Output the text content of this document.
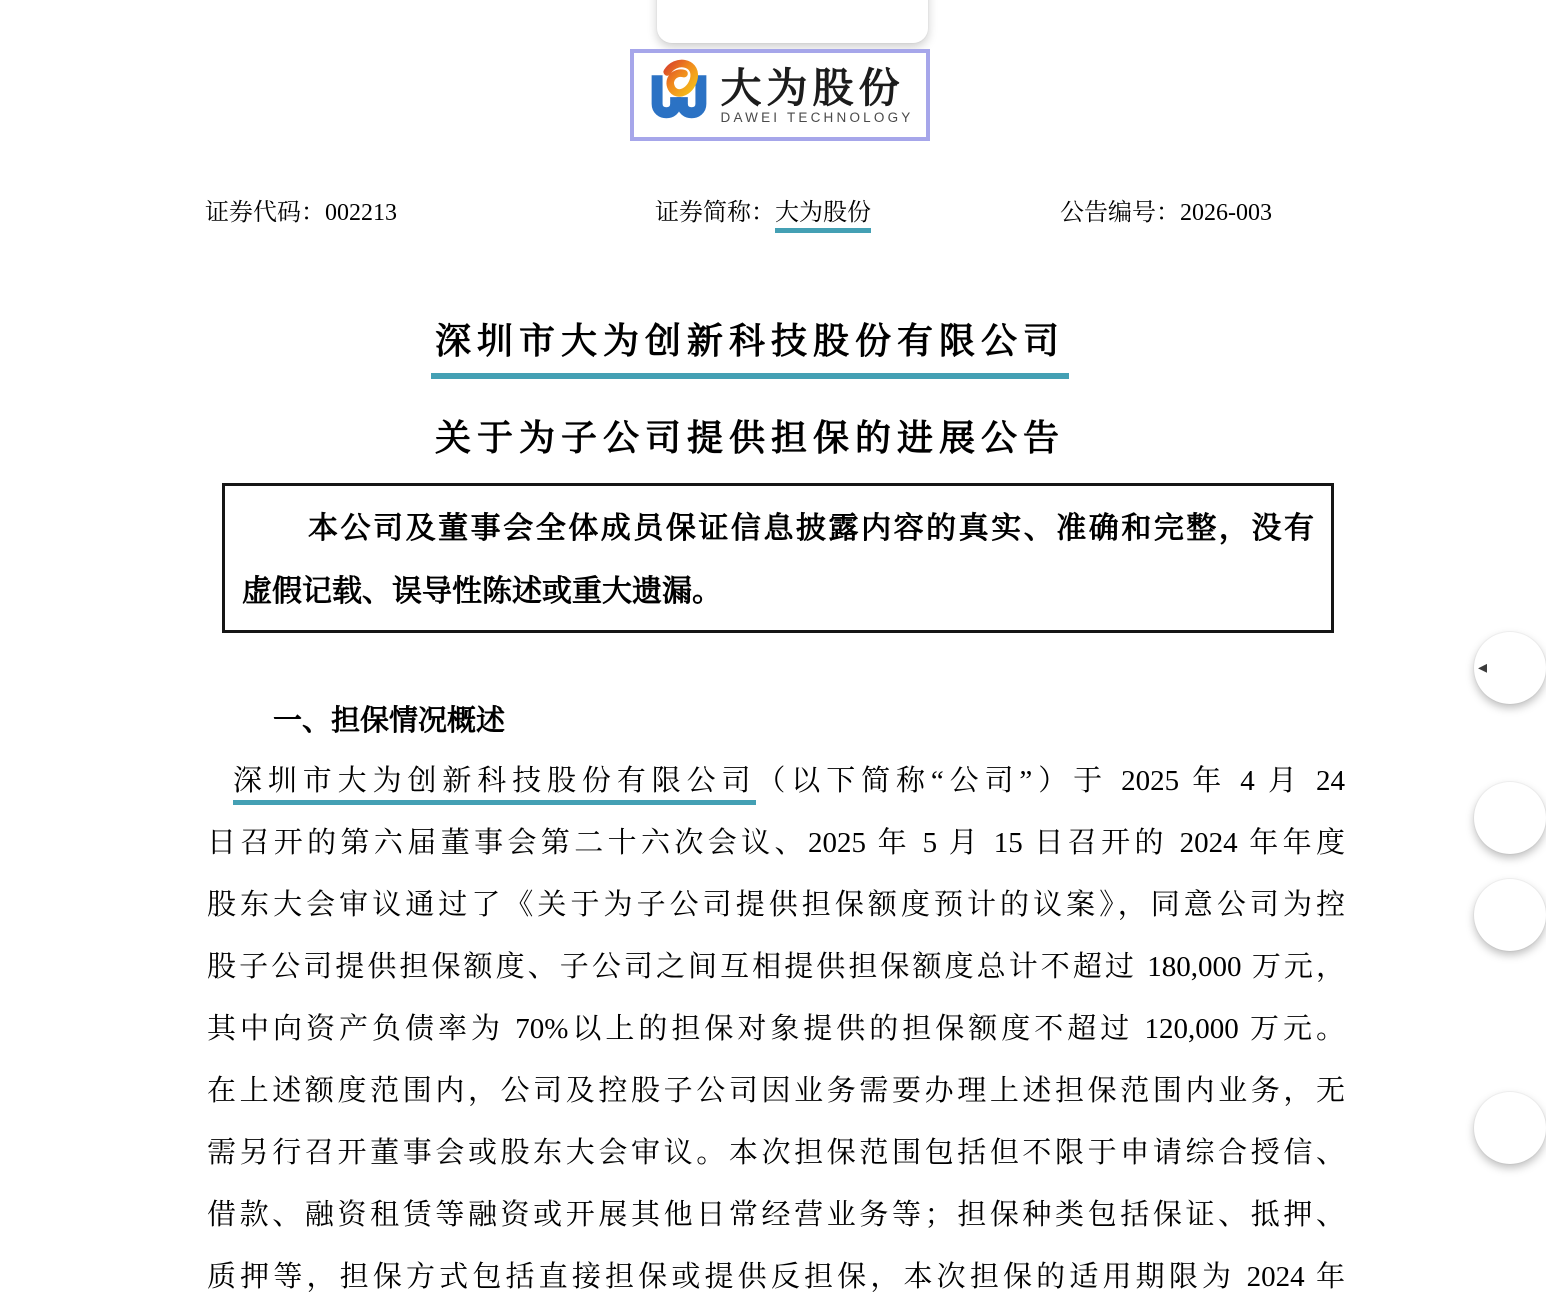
大为股份
DAWEI TECHNOLOGY
证券代码：002213	证券简称：大为股份	公告编号：2026-003
深圳市大为创新科技股份有限公司
关于为子公司提供担保的进展公告
本公司及董事会全体成员保证信息披露内容的真实、准确和完整，没有
虚假记载、误导性陈述或重大遗漏。
一、担保情况概述
深圳市大为创新科技股份有限公司（以下简称“公司”）于 2025 年 4 月 24
日召开的第六届董事会第二十六次会议、2025 年 5 月 15 日召开的 2024 年年度
股东大会审议通过了《关于为子公司提供担保额度预计的议案》，同意公司为控
股子公司提供担保额度、子公司之间互相提供担保额度总计不超过 180,000 万元，
其中向资产负债率为 70%以上的担保对象提供的担保额度不超过 120,000 万元。
在上述额度范围内，公司及控股子公司因业务需要办理上述担保范围内业务，无
需另行召开董事会或股东大会审议。本次担保范围包括但不限于申请综合授信、
借款、融资租赁等融资或开展其他日常经营业务等；担保种类包括保证、抵押、
质押等，担保方式包括直接担保或提供反担保，本次担保的适用期限为 2024 年
◂
